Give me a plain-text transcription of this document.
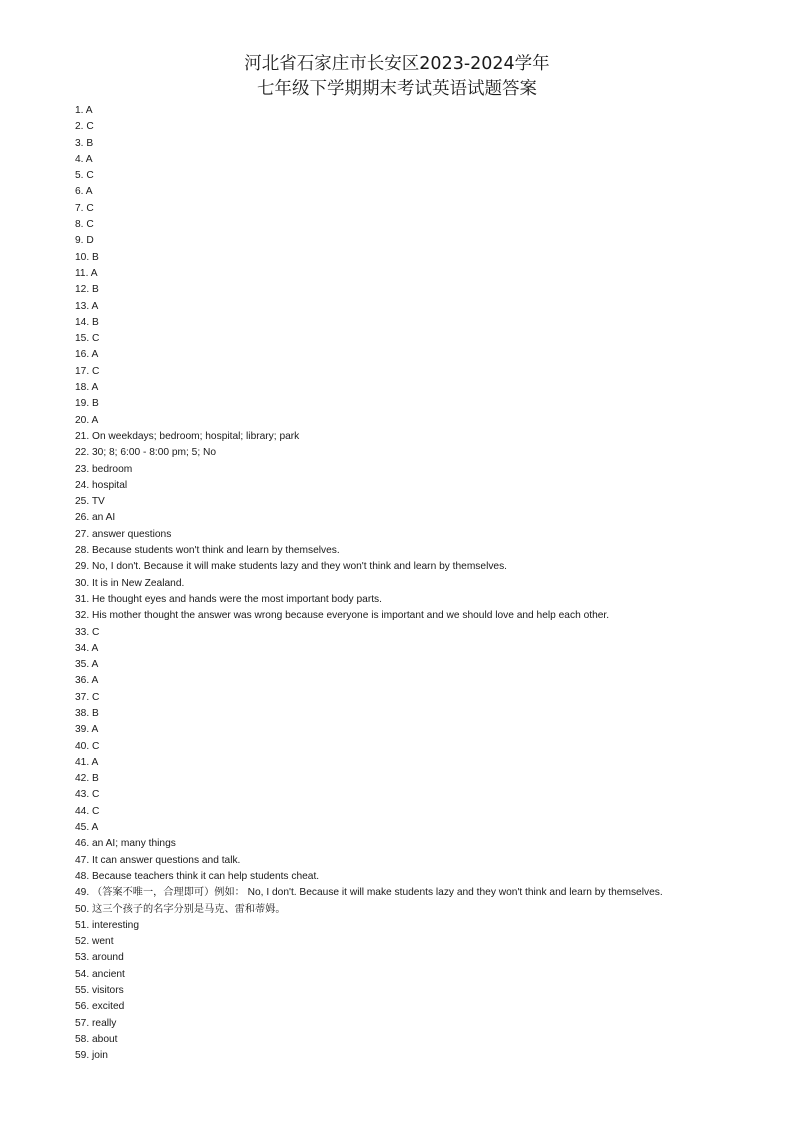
河北省石家庄市长安区2023-2024学年
七年级下学期期末考试英语试题答案
1. A
2. C
3. B
4. A
5. C
6. A
7. C
8. C
9. D
10. B
11. A
12. B
13. A
14. B
15. C
16. A
17. C
18. A
19. B
20. A
21. On weekdays; bedroom; hospital; library; park
22. 30; 8; 6:00 - 8:00 pm; 5; No
23. bedroom
24. hospital
25. TV
26. an AI
27. answer questions
28. Because students won't think and learn by themselves.
29. No, I don't. Because it will make students lazy and they won't think and learn by themselves.
30. It is in New Zealand.
31. He thought eyes and hands were the most important body parts.
32. His mother thought the answer was wrong because everyone is important and we should love and help each other.
33. C
34. A
35. A
36. A
37. C
38. B
39. A
40. C
41. A
42. B
43. C
44. C
45. A
46. an AI; many things
47. It can answer questions and talk.
48. Because teachers think it can help students cheat.
49. （答案不唯一，合理即可）例如： No, I don't. Because it will make students lazy and they won't think and learn by themselves.
50. 这三个孩子的名字分别是马克、雷和蒂姆。
51. interesting
52. went
53. around
54. ancient
55. visitors
56. excited
57. really
58. about
59. join
